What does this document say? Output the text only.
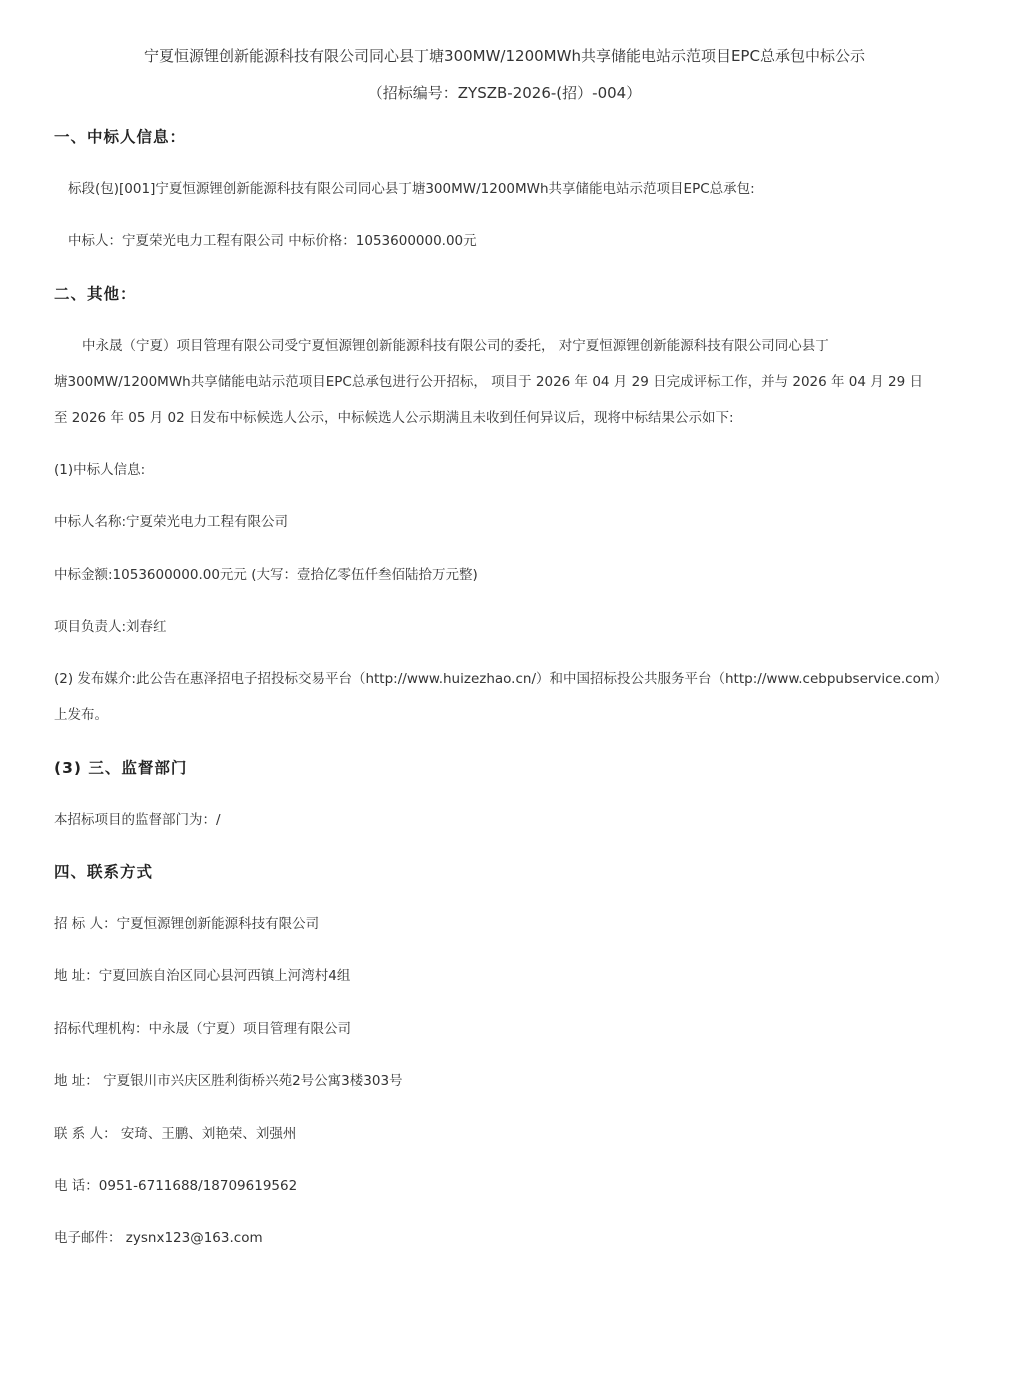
宁夏恒源锂创新能源科技有限公司同心县丁塘300MW/1200MWh共享储能电站示范项目EPC总承包中标公示
（招标编号：ZYSZB-2026-(招）-004）
一、中标人信息：
标段(包)[001]宁夏恒源锂创新能源科技有限公司同心县丁塘300MW/1200MWh共享储能电站示范项目EPC总承包:
中标人：宁夏荣光电力工程有限公司 中标价格：1053600000.00元
二、其他：
中永晟（宁夏）项目管理有限公司受宁夏恒源锂创新能源科技有限公司的委托， 对宁夏恒源锂创新能源科技有限公司同心县丁
塘300MW/1200MWh共享储能电站示范项目EPC总承包进行公开招标， 项目于 2026 年 04 月 29 日完成评标工作，并与 2026 年 04 月 29 日
至 2026 年 05 月 02 日发布中标候选人公示，中标候选人公示期满且未收到任何异议后，现将中标结果公示如下:
(1)中标人信息:
中标人名称:宁夏荣光电力工程有限公司
中标金额:1053600000.00元元 (大写：壹拾亿零伍仟叁佰陆拾万元整)
项目负责人:刘春红
(2) 发布媒介:此公告在惠泽招电子招投标交易平台（http://www.huizezhao.cn/）和中国招标投公共服务平台（http://www.cebpubservice.com）
上发布。
(3) 三、监督部门
本招标项目的监督部门为：/
四、联系方式
招 标 人：宁夏恒源锂创新能源科技有限公司
地 址：宁夏回族自治区同心县河西镇上河湾村4组
招标代理机构：中永晟（宁夏）项目管理有限公司
地 址： 宁夏银川市兴庆区胜利街桥兴苑2号公寓3楼303号
联 系 人： 安琦、王鹏、刘艳荣、刘强州
电 话：0951-6711688/18709619562
电子邮件： zysnx123@163.com
